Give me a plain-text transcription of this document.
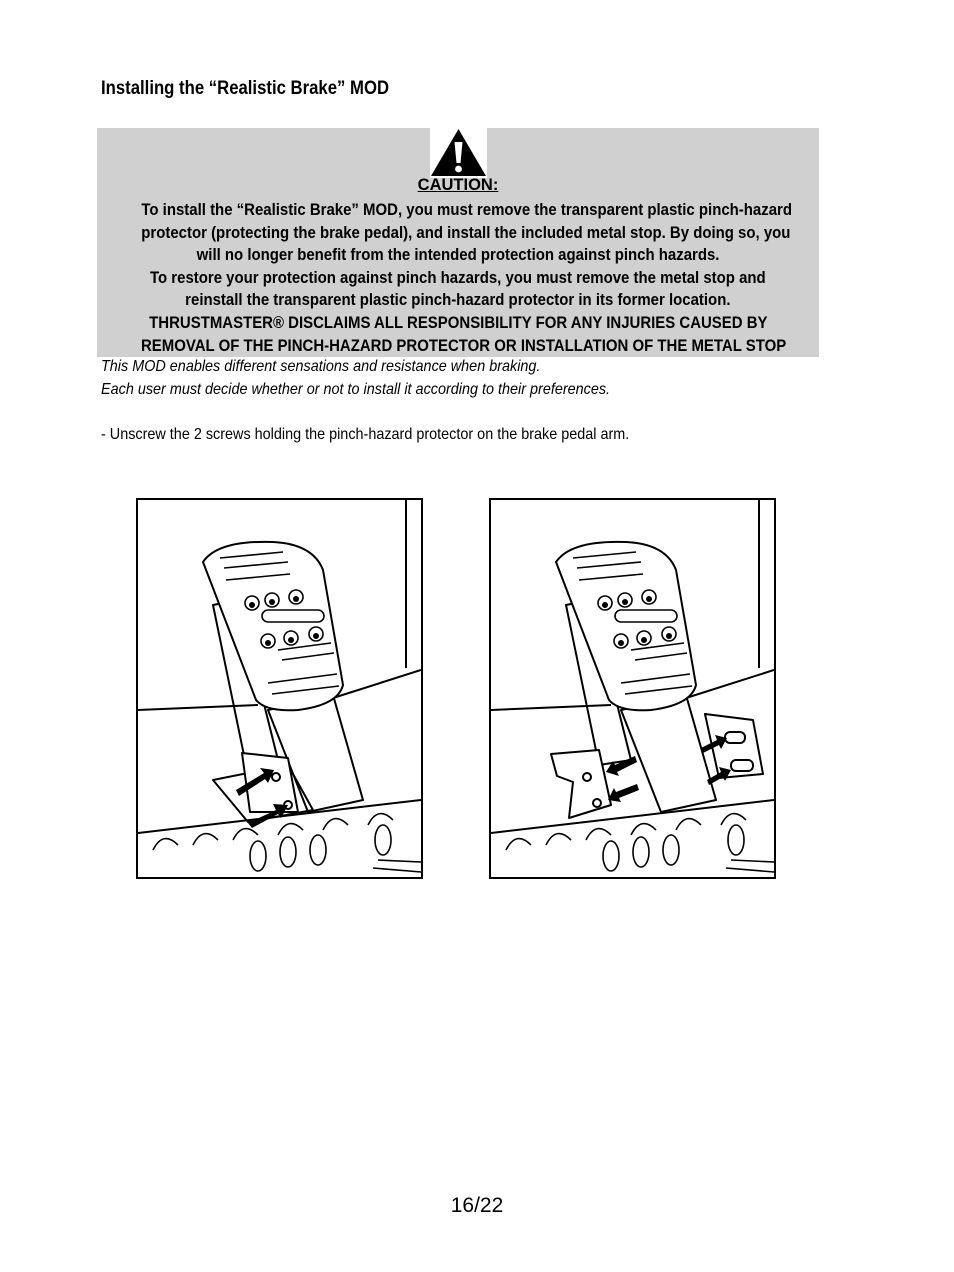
Installing the “Realistic Brake” MOD

CAUTION:

To install the “Realistic Brake” MOD, you must remove the transparent plastic pinch-hazard
protector (protecting the brake pedal), and install the included metal stop. By doing so, you
will no longer benefit from the intended protection against pinch hazards.
To restore your protection against pinch hazards, you must remove the metal stop and
reinstall the transparent plastic pinch-hazard protector in its former location.
THRUSTMASTER® DISCLAIMS ALL RESPONSIBILITY FOR ANY INJURIES CAUSED BY
REMOVAL OF THE PINCH-HAZARD PROTECTOR OR INSTALLATION OF THE METAL STOP

This MOD enables different sensations and resistance when braking.

Each user must decide whether or not to install it according to their preferences.

- Unscrew the 2 screws holding the pinch-hazard protector on the brake pedal arm.

16/22
